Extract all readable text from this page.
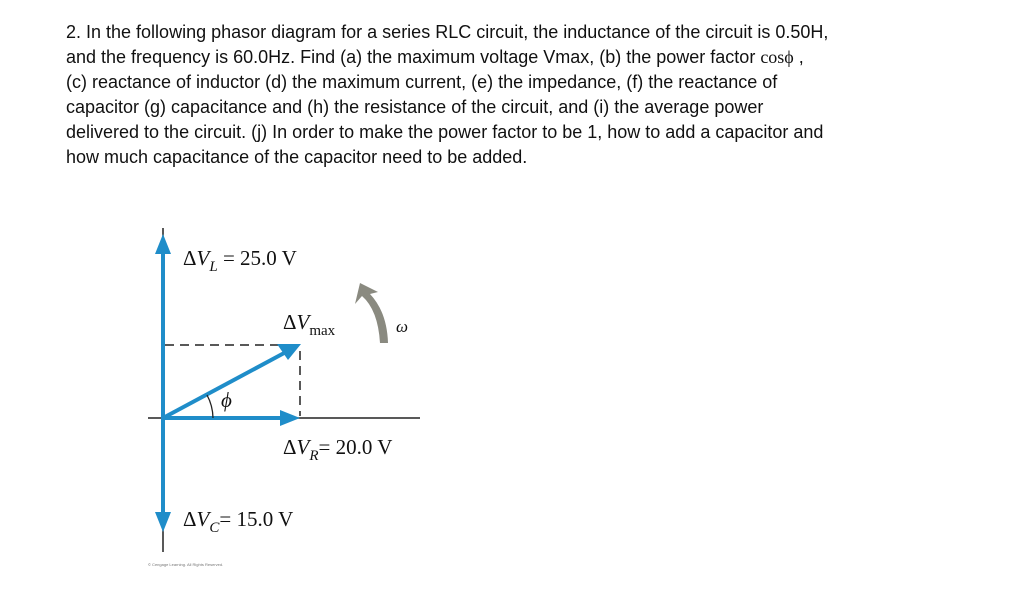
2. In the following phasor diagram for a series RLC circuit, the inductance of the circuit is 0.50H,

and the frequency is 60.0Hz. Find (a) the maximum voltage Vmax, (b) the power factor cosϕ ,

(c) reactance of inductor (d) the maximum current, (e) the impedance, (f) the reactance of

capacitor (g) capacitance and (h) the resistance of the circuit, and (i) the average power

delivered to the circuit. (j) In order to make the power factor to be 1, how to add a capacitor and

how much capacitance of the capacitor need to be added.

$\Delta V_L = 25.0$ V
$\Delta V_{max}$	ω
ϕ
$\Delta V_R= 20.0$ V
$\Delta V_C= 15.0$ V
© Cengage Learning. All Rights Reserved.
